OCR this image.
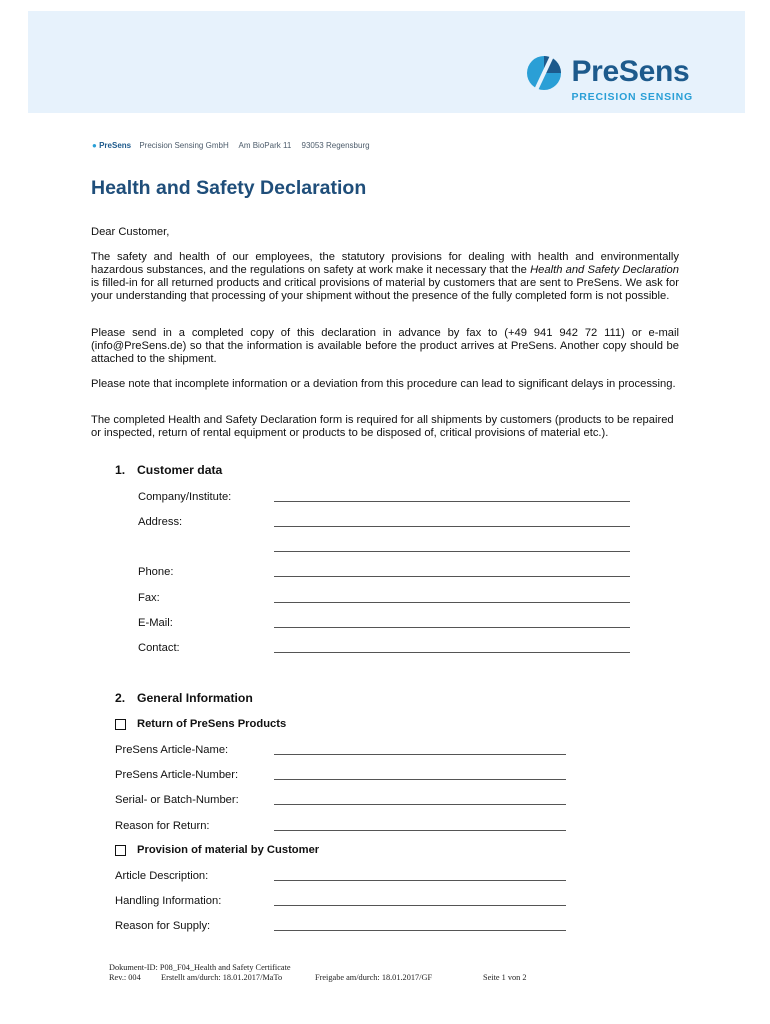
PreSens
PRECISION SENSING
● PreSens Precision Sensing GmbH Am BioPark 11 93053 Regensburg
Health and Safety Declaration

Dear Customer,

The safety and health of our employees, the statutory provisions for dealing with health and environmentally hazardous substances, and the regulations on safety at work make it necessary that the Health and Safety Declaration is filled-in for all returned products and critical provisions of material by customers that are sent to PreSens. We ask for your understanding that processing of your shipment without the presence of the fully completed form is not possible.

Please send in a completed copy of this declaration in advance by fax to (+49 941 942 72 111) or e-mail (info@PreSens.de) so that the information is available before the product arrives at PreSens. Another copy should be attached to the shipment.

Please note that incomplete information or a deviation from this procedure can lead to significant delays in processing.

The completed Health and Safety Declaration form is required for all shipments by customers (products to be repaired or inspected, return of rental equipment or products to be disposed of, critical provisions of material etc.).

1. Customer data
Company/Institute:
Address:
Phone:
Fax:
E-Mail:
Contact:
2. General Information
Return of PreSens Products
PreSens Article-Name:
PreSens Article-Number:
Serial- or Batch-Number:
Reason for Return:
Provision of material by Customer
Article Description:
Handling Information:
Reason for Supply:
Dokument-ID: P08_F04_Health and Safety Certificate
Rev.: 004 Erstellt am/durch: 18.01.2017/MaTo	Freigabe am/durch: 18.01.2017/GF	Seite 1 von 2
